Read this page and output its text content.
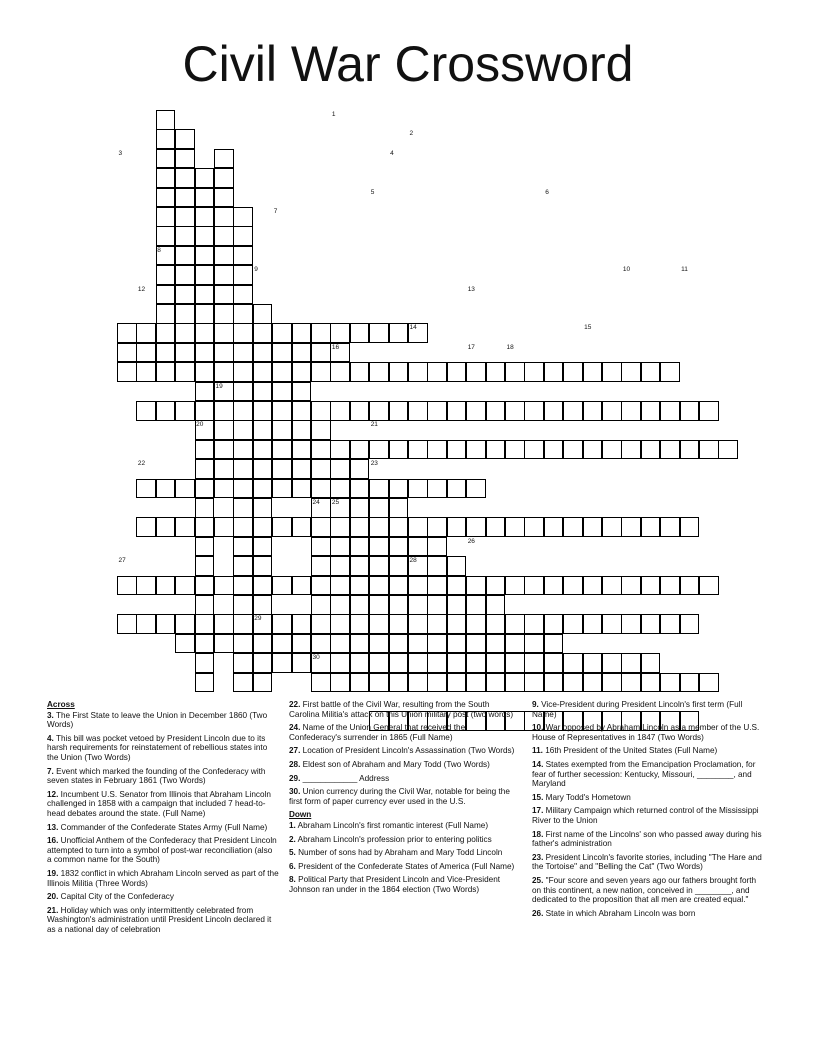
Civil War Crossword
1
2
3	4
5	6
7
8
9	10	11
12	13
14	15
16	17	18
19
20	21
22	23
24 25
26
27	28
29
30
Across
3. The First State to leave the Union in December 1860 (Two Words)
4. This bill was pocket vetoed by President Lincoln due to its harsh requirements for reinstatement of rebellious states into the Union (Two Words)
7. Event which marked the founding of the Confederacy with seven states in February 1861 (Two Words)
12. Incumbent U.S. Senator from Illinois that Abraham Lincoln challenged in 1858 with a campaign that included 7 head-to-head debates around the state. (Full Name)
13. Commander of the Confederate States Army (Full Name)
16. Unofficial Anthem of the Confederacy that President Lincoln attempted to turn into a symbol of post-war reconciliation (also a common name for the South)
19. 1832 conflict in which Abraham Lincoln served as part of the Illinois Militia (Three Words)
20. Capital City of the Confederacy
21. Holiday which was only intermittently celebrated from Washington's administration until President Lincoln declared it as a national day of celebration
22. First battle of the Civil War, resulting from the South Carolina Militia's attack on this Union military post (two words)
24. Name of the Union General that received the Confederacy's surrender in 1865 (Full Name)
27. Location of President Lincoln's Assassination (Two Words)
28. Eldest son of Abraham and Mary Todd (Two Words)
29. ____________ Address
30. Union currency during the Civil War, notable for being the first form of paper currency ever used in the U.S.
Down
1. Abraham Lincoln's first romantic interest (Full Name)
2. Abraham Lincoln's profession prior to entering politics
5. Number of sons had by Abraham and Mary Todd Lincoln
6. President of the Confederate States of America (Full Name)
8. Political Party that President Lincoln and Vice-President Johnson ran under in the 1864 election (Two Words)
9. Vice-President during President Lincoln's first term (Full Name)
10. War opposed by Abraham Lincoln as a member of the U.S. House of Representatives in 1847 (Two Words)
11. 16th President of the United States (Full Name)
14. States exempted from the Emancipation Proclamation, for fear of further secession: Kentucky, Missouri, ________, and Maryland
15. Mary Todd's Hometown
17. Military Campaign which returned control of the Mississippi River to the Union
18. First name of the Lincolns' son who passed away during his father's administration
23. President Lincoln's favorite stories, including "The Hare and the Tortoise" and "Belling the Cat" (Two Words)
25. "Four score and seven years ago our fathers brought forth on this continent, a new nation, conceived in ________, and dedicated to the proposition that all men are created equal."
26. State in which Abraham Lincoln was born
